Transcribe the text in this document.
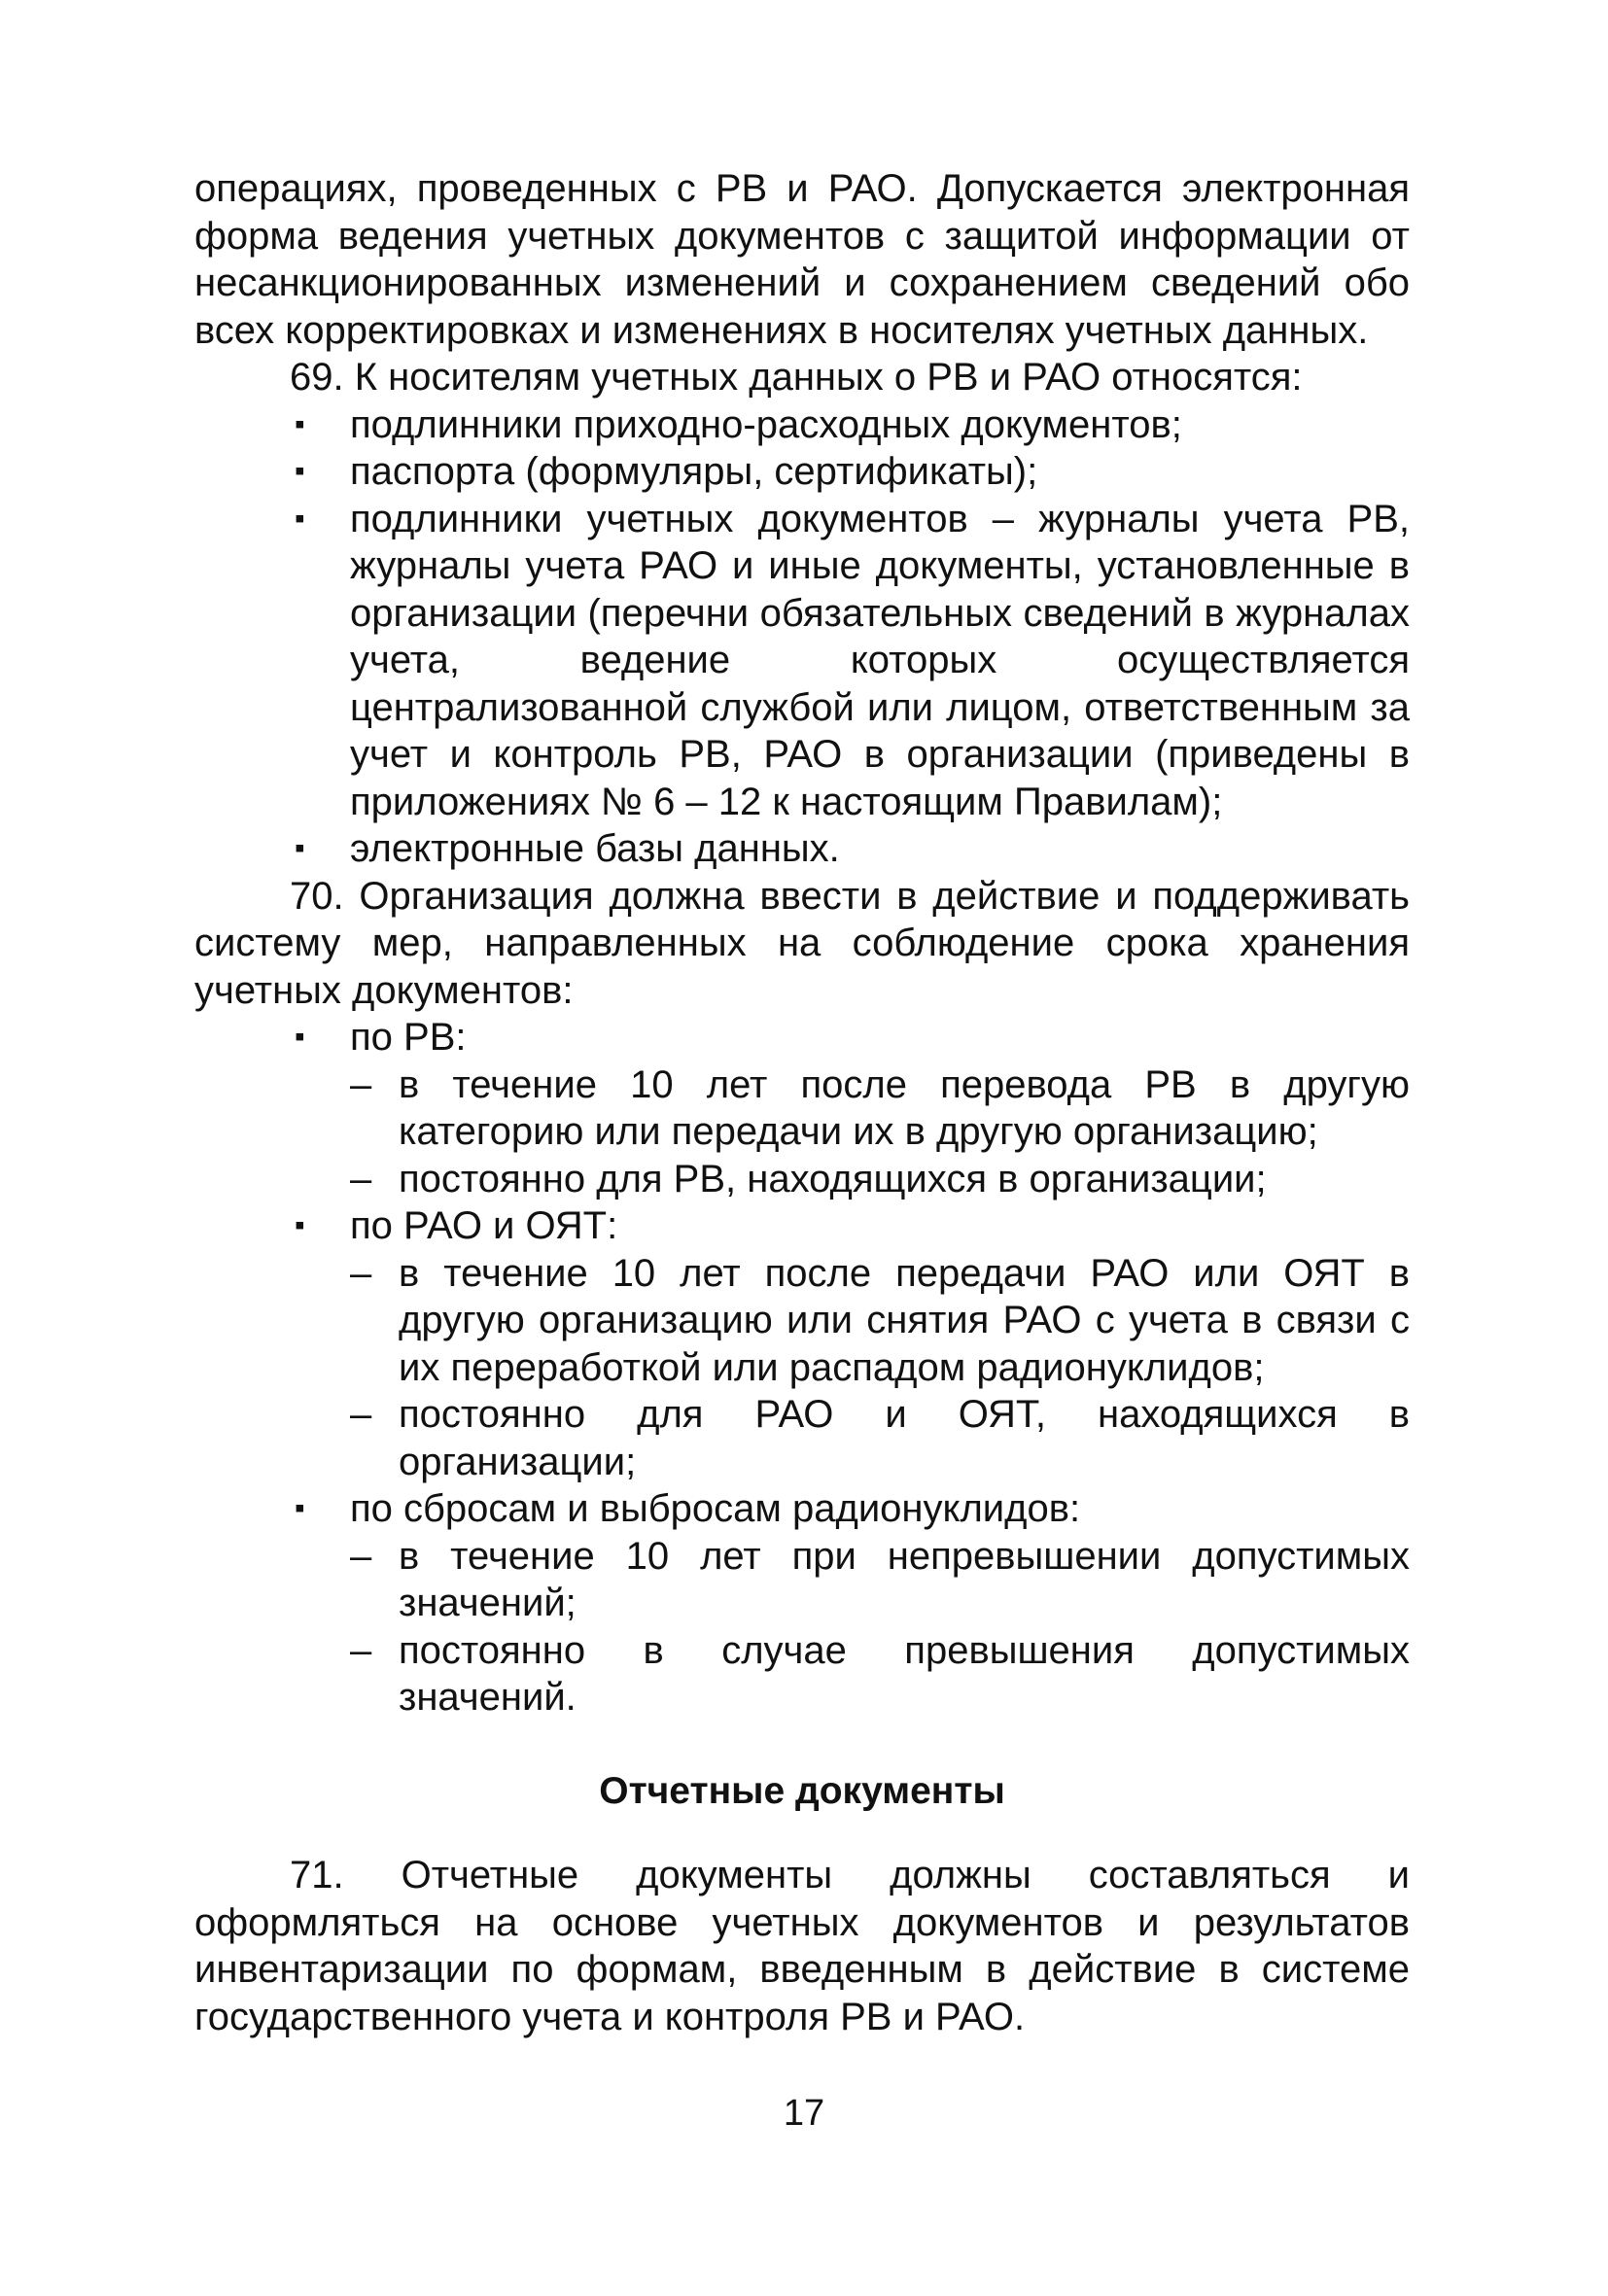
операциях, проведенных с РВ и РАО. Допускается электронная форма ведения учетных документов с защитой информации от несанкционированных изменений и сохранением сведений обо всех корректировках и изменениях в носителях учетных данных.

69. К носителям учетных данных о РВ и РАО относятся:

▪ подлинники приходно-расходных документов;
▪ паспорта (формуляры, сертификаты);
▪ подлинники учетных документов – журналы учета РВ, журналы учета РАО и иные документы, установленные в организации (перечни обязательных сведений в журналах учета, ведение которых осуществляется централизованной службой или лицом, ответственным за учет и контроль РВ, РАО в организации (приведены в приложениях № 6 – 12 к настоящим Правилам);
▪ электронные базы данных.

70. Организация должна ввести в действие и поддерживать систему мер, направленных на соблюдение срока хранения учетных документов:

▪ по РВ:
– в течение 10 лет после перевода РВ в другую категорию или передачи их в другую организацию;
– постоянно для РВ, находящихся в организации;
▪ по РАО и ОЯТ:
– в течение 10 лет после передачи РАО или ОЯТ в другую организацию или снятия РАО с учета в связи с их переработкой или распадом радионуклидов;
– постоянно для РАО и ОЯТ, находящихся в организации;
▪ по сбросам и выбросам радионуклидов:
– в течение 10 лет при непревышении допустимых значений;
– постоянно в случае превышения допустимых значений.
Отчетные документы

71. Отчетные документы должны составляться и оформляться на основе учетных документов и результатов инвентаризации по формам, введенным в действие в системе государственного учета и контроля РВ и РАО.

17
